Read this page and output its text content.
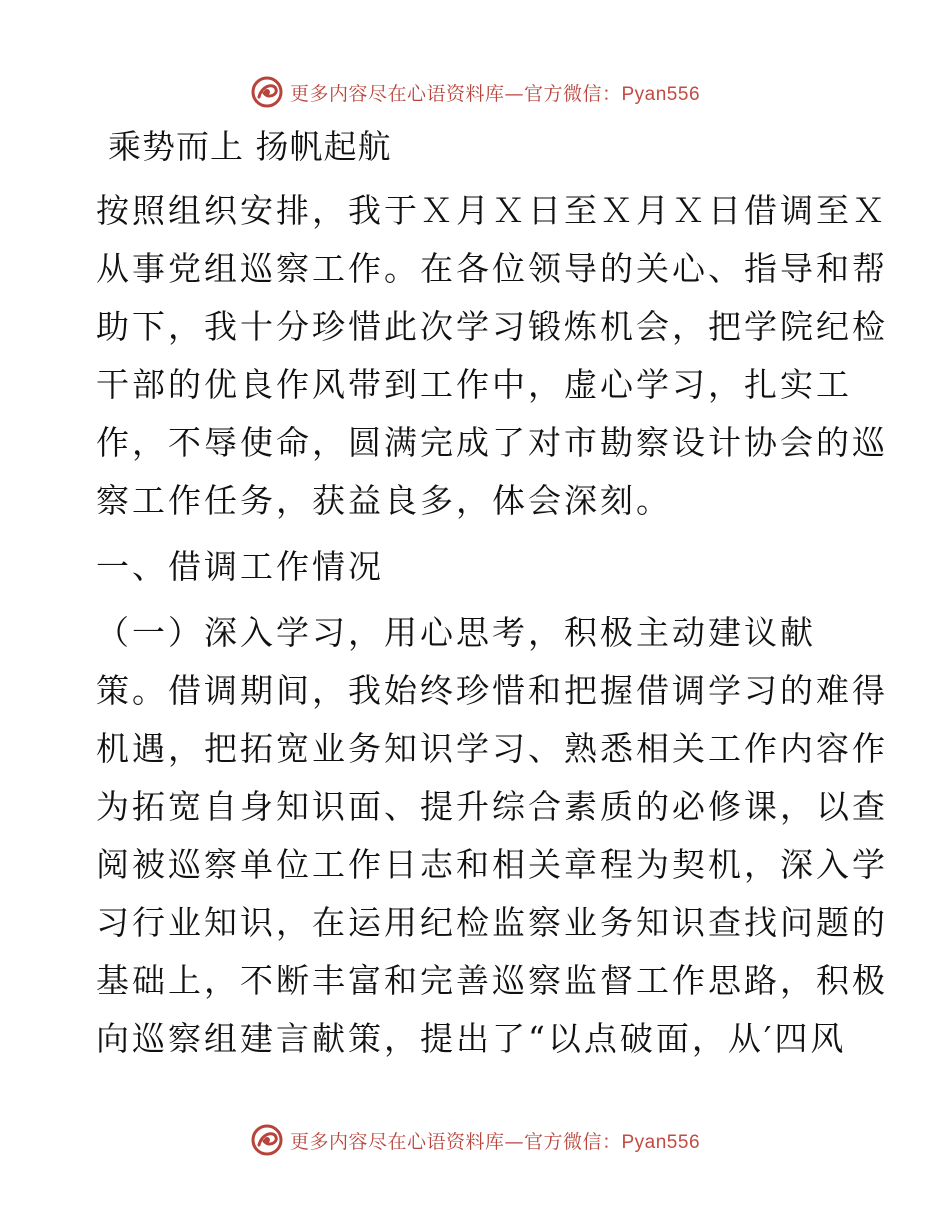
更多内容尽在心语资料库—官方微信：Pyan556
乘势而上 扬帆起航
按照组织安排，我于Ｘ月Ｘ日至Ｘ月Ｘ日借调至Ｘ
从事党组巡察工作。在各位领导的关心、指导和帮
助下，我十分珍惜此次学习锻炼机会，把学院纪检
干部的优良作风带到工作中，虚心学习，扎实工
作，不辱使命，圆满完成了对市勘察设计协会的巡
察工作任务，获益良多，体会深刻。
一、借调工作情况
（一）深入学习，用心思考，积极主动建议献
策。借调期间，我始终珍惜和把握借调学习的难得
机遇，把拓宽业务知识学习、熟悉相关工作内容作
为拓宽自身知识面、提升综合素质的必修课，以查
阅被巡察单位工作日志和相关章程为契机，深入学
习行业知识，在运用纪检监察业务知识查找问题的
基础上，不断丰富和完善巡察监督工作思路，积极
向巡察组建言献策，提出了“以点破面，从′四风
更多内容尽在心语资料库—官方微信：Pyan556
